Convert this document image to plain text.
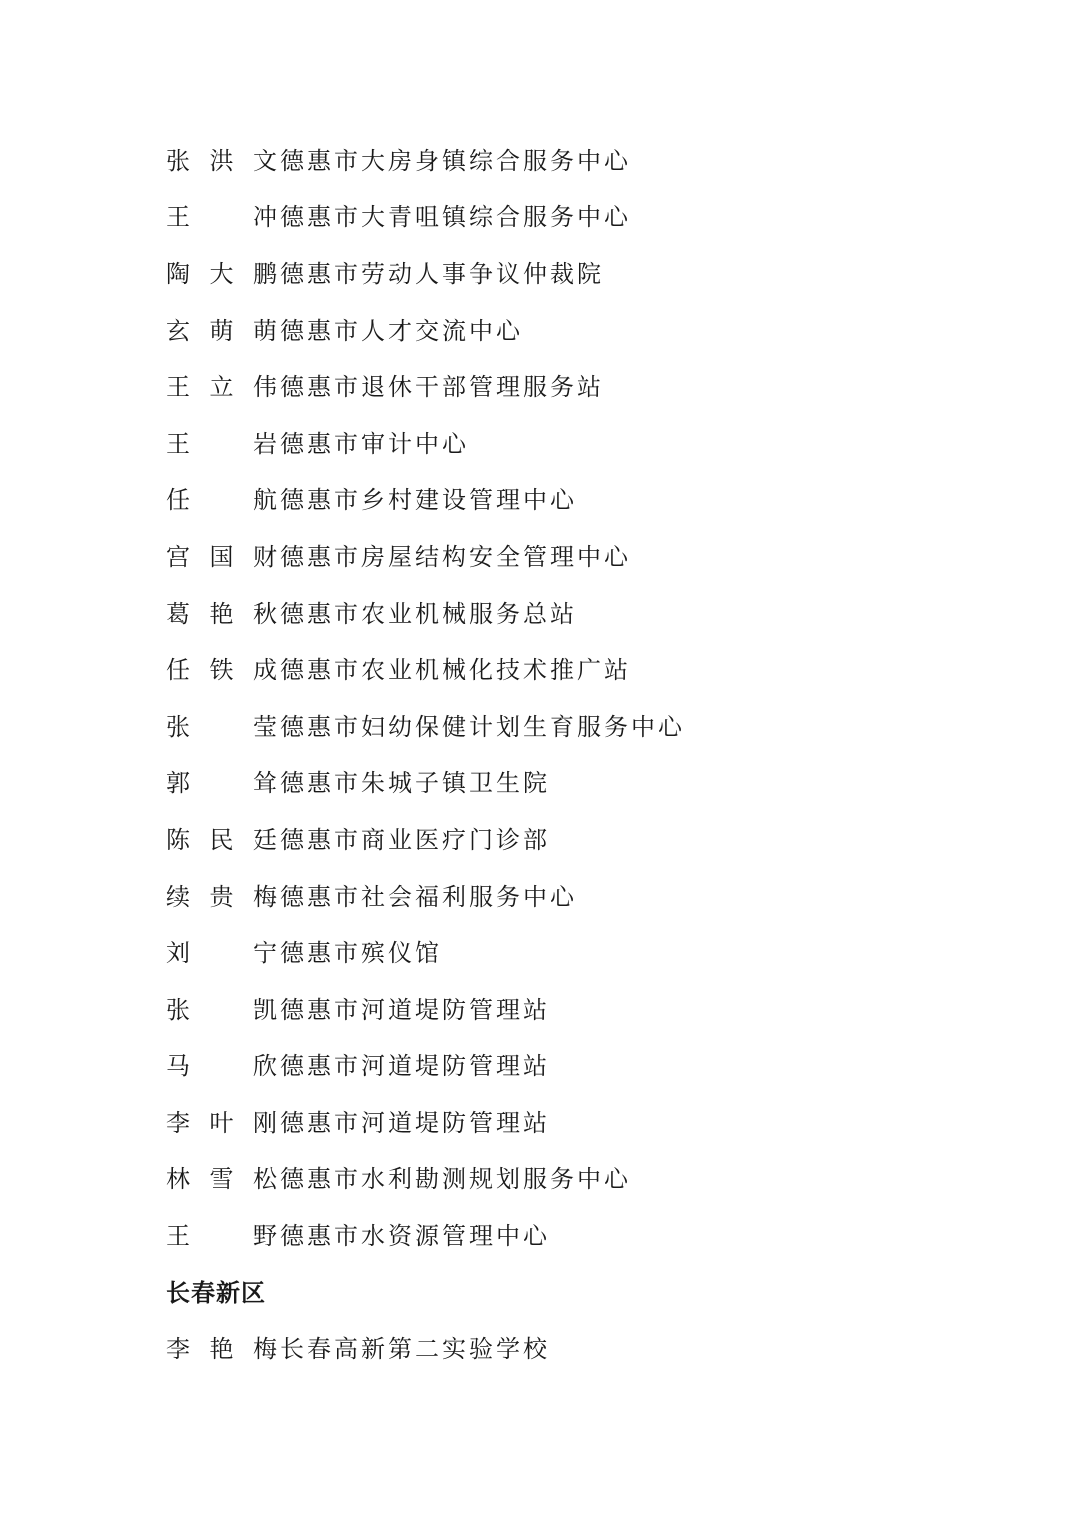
张 洪 文 德惠市大房身镇综合服务中心
王	冲 德惠市大青咀镇综合服务中心
陶 大 鹏 德惠市劳动人事争议仲裁院
玄 萌 萌 德惠市人才交流中心
王 立 伟 德惠市退休干部管理服务站
王	岩 德惠市审计中心
任	航 德惠市乡村建设管理中心
宫 国 财 德惠市房屋结构安全管理中心
葛 艳 秋 德惠市农业机械服务总站
任 铁 成 德惠市农业机械化技术推广站
张	莹 德惠市妇幼保健计划生育服务中心
郭	耸 德惠市朱城子镇卫生院
陈 民 廷 德惠市商业医疗门诊部
续 贵 梅 德惠市社会福利服务中心
刘	宁 德惠市殡仪馆
张	凯 德惠市河道堤防管理站
马	欣 德惠市河道堤防管理站
李 叶 刚 德惠市河道堤防管理站
林 雪 松 德惠市水利勘测规划服务中心
王	野 德惠市水资源管理中心
长春新区
李 艳 梅 长春高新第二实验学校
